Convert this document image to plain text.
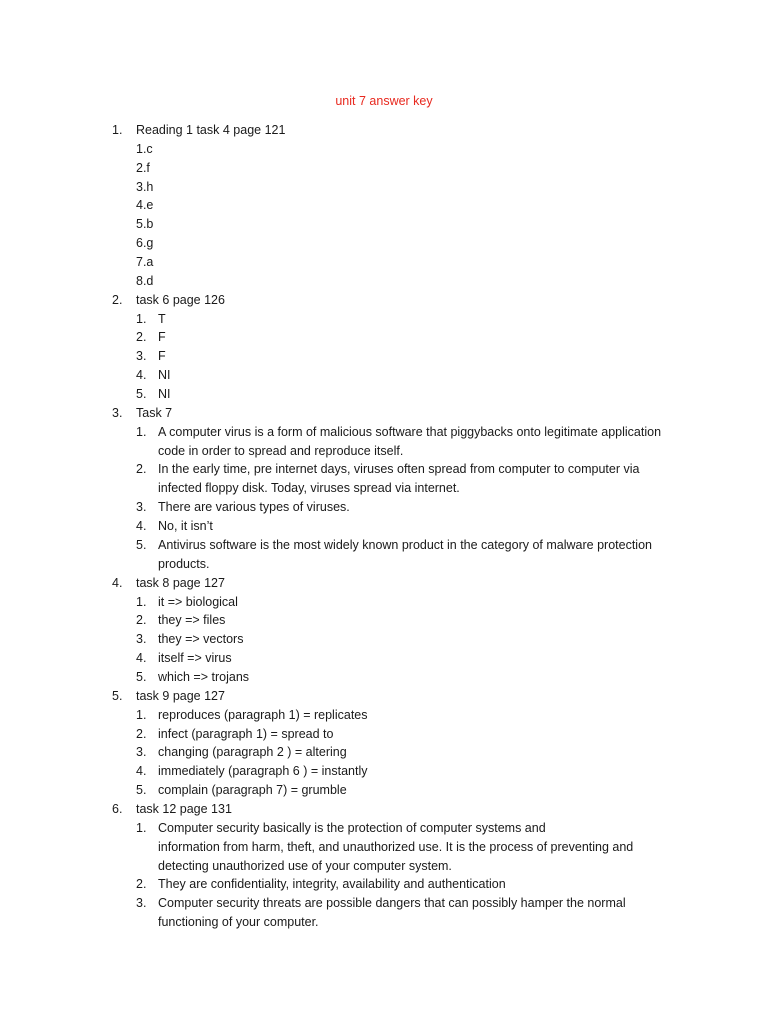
unit 7 answer key
1. Reading 1 task 4 page 121
1.c
2.f
3.h
4.e
5.b
6.g
7.a
8.d
2. task 6 page 126
1. T
2. F
3. F
4. NI
5. NI
3. Task 7
1. A computer virus is a form of malicious software that piggybacks onto legitimate application
code in order to spread and reproduce itself.
2. In the early time, pre internet days, viruses often spread from computer to computer via
infected floppy disk. Today, viruses spread via internet.
3. There are various types of viruses.
4. No, it isn’t
5. Antivirus software is the most widely known product in the category of malware protection
products.
4. task 8 page 127
1. it => biological
2. they => files
3. they => vectors
4. itself => virus
5. which => trojans
5. task 9 page 127
1. reproduces (paragraph 1) = replicates
2. infect (paragraph 1) = spread to
3. changing (paragraph 2 ) = altering
4. immediately (paragraph 6 ) = instantly
5. complain (paragraph 7) = grumble
6. task 12 page 131
1. Computer security basically is the protection of computer systems and
information from harm, theft, and unauthorized use. It is the process of preventing and
detecting unauthorized use of your computer system.
2. They are confidentiality, integrity, availability and authentication
3. Computer security threats are possible dangers that can possibly hamper the normal
functioning of your computer.
